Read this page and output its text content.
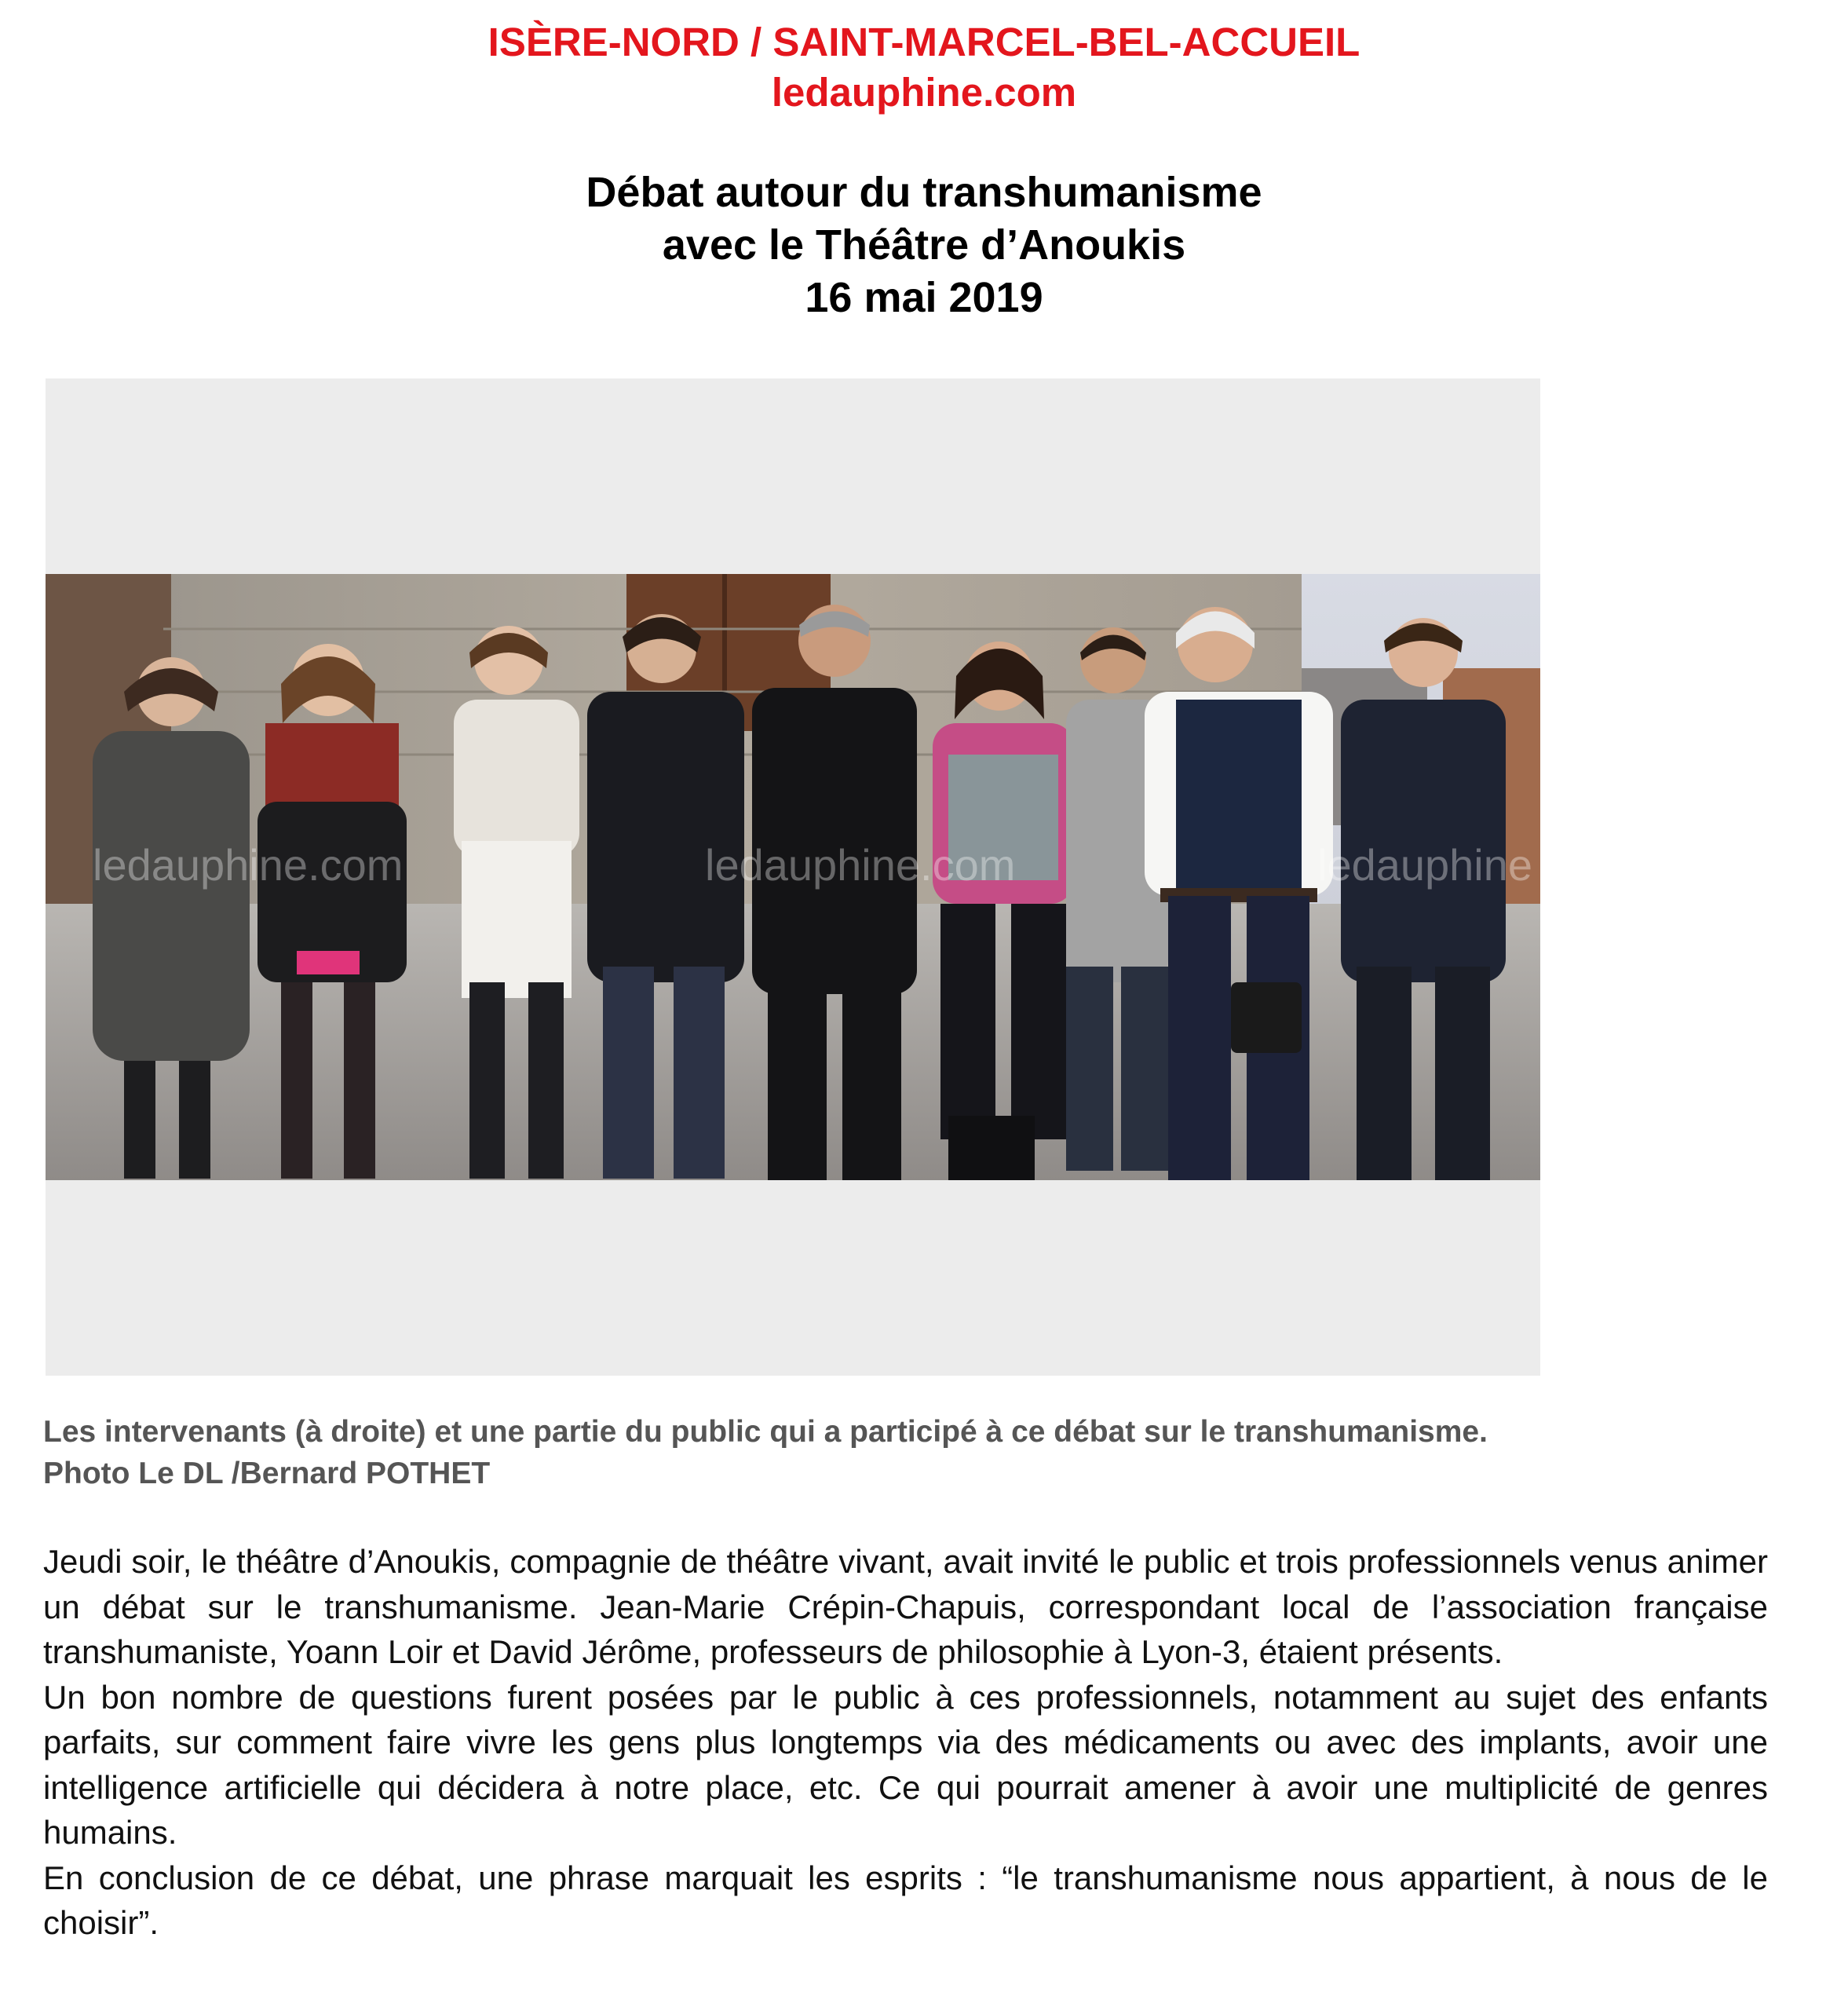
ISÈRE-NORD / SAINT-MARCEL-BEL-ACCUEIL
ledauphine.com
Débat autour du transhumanisme
avec le Théâtre d’Anoukis
16 mai 2019
ledauphine.com	ledauphine.com	ledauphine
Les intervenants (à droite) et une partie du public qui a participé à ce débat sur le transhumanisme.
Photo Le DL /Bernard POTHET

Jeudi soir, le théâtre d’Anoukis, compagnie de théâtre vivant, avait invité le public et trois professionnels venus animer un débat sur le transhumanisme. Jean-Marie Crépin-Chapuis, correspondant local de l’association française transhumaniste, Yoann Loir et David Jérôme, professeurs de philosophie à Lyon-3, étaient présents.

Un bon nombre de questions furent posées par le public à ces professionnels, notamment au sujet des enfants parfaits, sur comment faire vivre les gens plus longtemps via des médicaments ou avec des implants, avoir une intelligence artificielle qui décidera à notre place, etc. Ce qui pourrait amener à avoir une multiplicité de genres humains.

En conclusion de ce débat, une phrase marquait les esprits : “le transhumanisme nous appartient, à nous de le choisir”.
